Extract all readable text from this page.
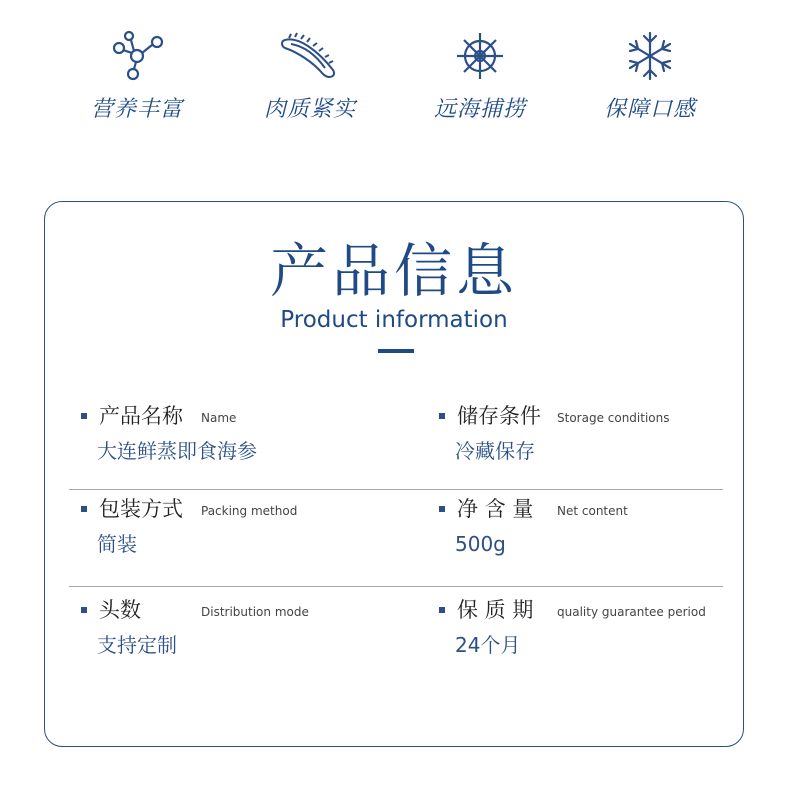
营养丰富	肉质紧实	远海捕捞	保障口感
产品信息
Product information
产品名称 Name
大连鲜蒸即食海参
储存条件 Storage conditions
冷藏保存
包装方式 Packing method
简装
净 含 量 Net content
500g
头数	Distribution mode
支持定制
保 质 期 quality guarantee period
24个月
